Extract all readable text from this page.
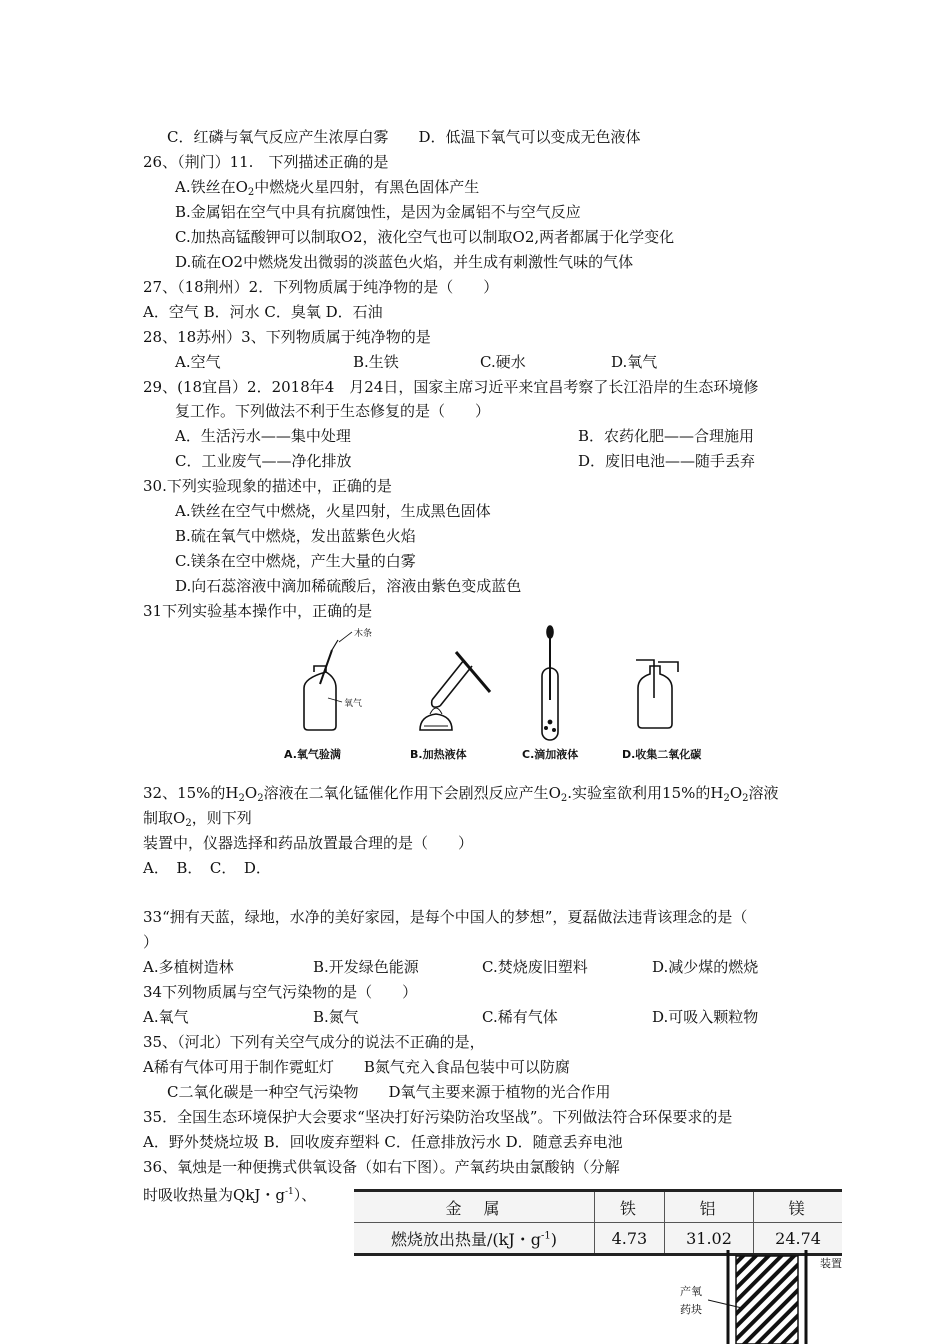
C．红磷与氧气反应产生浓厚白雾　　D．低温下氧气可以变成无色液体
26、（荆门）11.　下列描述正确的是
A.铁丝在$O_2$中燃烧火星四射，有黑色固体产生
B.金属铝在空气中具有抗腐蚀性，是因为金属铝不与空气反应
C.加热高锰酸钾可以制取O2，液化空气也可以制取O2,两者都属于化学变化
D.硫在O2中燃烧发出微弱的淡蓝色火焰，并生成有刺激性气味的气体
27、（18荆州）2．下列物质属于纯净物的是（　　）
A．空气 B．河水 C．臭氧 D．石油
28、18苏州）3、下列物质属于纯净物的是
A.空气	B.生铁	C.硬水	D.氧气
29、(18宜昌）2．2018年4　月24日，国家主席习近平来宜昌考察了长江沿岸的生态环境修
复工作。下列做法不利于生态修复的是（　　）
A．生活污水——集中处理	B．农药化肥——合理施用
C．工业废气——净化排放	D．废旧电池——随手丢弃
30.下列实验现象的描述中，正确的是
A.铁丝在空气中燃烧，火星四射，生成黑色固体
B.硫在氧气中燃烧，发出蓝紫色火焰
C.镁条在空中燃烧，产生大量的白雾
D.向石蕊溶液中滴加稀硫酸后，溶液由紫色变成蓝色
31下列实验基本操作中，正确的是
木条
氧气
A.氧气验满	B.加热液体	C.滴加液体	D.收集二氧化碳
32、15%的$H_2O_2$溶液在二氧化锰催化作用下会剧烈反应产生$O_2$.实验室欲利用15%的$H_2O_2$溶液
制取$O_2$，则下列
装置中，仪器选择和药品放置最合理的是（　　）
A．　B．　C．　D．
33“拥有天蓝，绿地，水净的美好家园，是每个中国人的梦想”，夏磊做法违背该理念的是（
）
A.多植树造林	B.开发绿色能源	C.焚烧废旧塑料	D.减少煤的燃烧
34下列物质属与空气污染物的是（　　）
A.氧气	B.氮气	C.稀有气体	D.可吸入颗粒物
35、（河北）下列有关空气成分的说法不正确的是，
A稀有气体可用于制作霓虹灯　　B氮气充入食品包装中可以防腐
C二氧化碳是一种空气污染物　　D氧气主要来源于植物的光合作用
35．全国生态环境保护大会要求“坚决打好污染防治攻坚战”。下列做法符合环保要求的是
A．野外焚烧垃圾 B．回收废弃塑料 C．任意排放污水 D．随意丢弃电池
36、氧烛是一种便携式供氧设备（如右下图）。产氧药块由氯酸钠（分解
时吸收热量为QkJ・$g^{-1}$）、
金　属	铁	铝	镁
燃烧放出热量/(kJ・$g^{-1}$)	4.73	31.02	24.74
装置
产氧
药块
